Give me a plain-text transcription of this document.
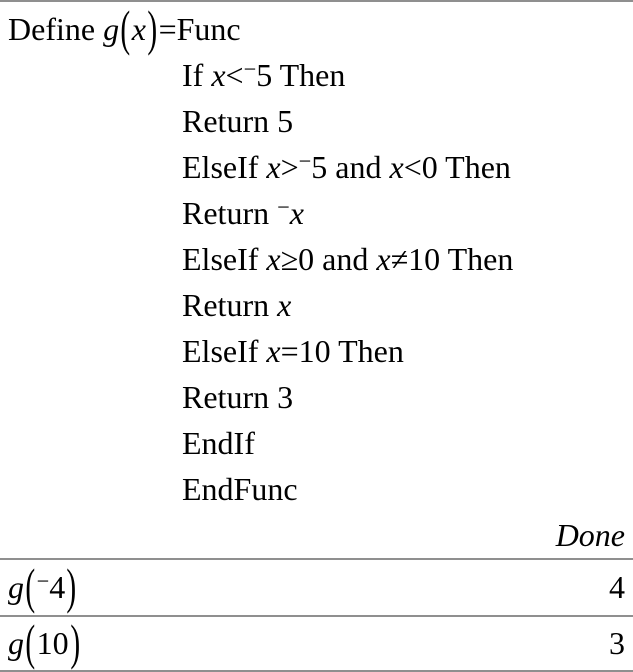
Define g(x)=Func
If x<−5 Then
Return 5
ElseIf x>−5 and x<0 Then
Return −x
ElseIf x≥0 and x≠10 Then
Return x
ElseIf x=10 Then
Return 3
EndIf
EndFunc
Done
g(−4)	4
g(10)	3
